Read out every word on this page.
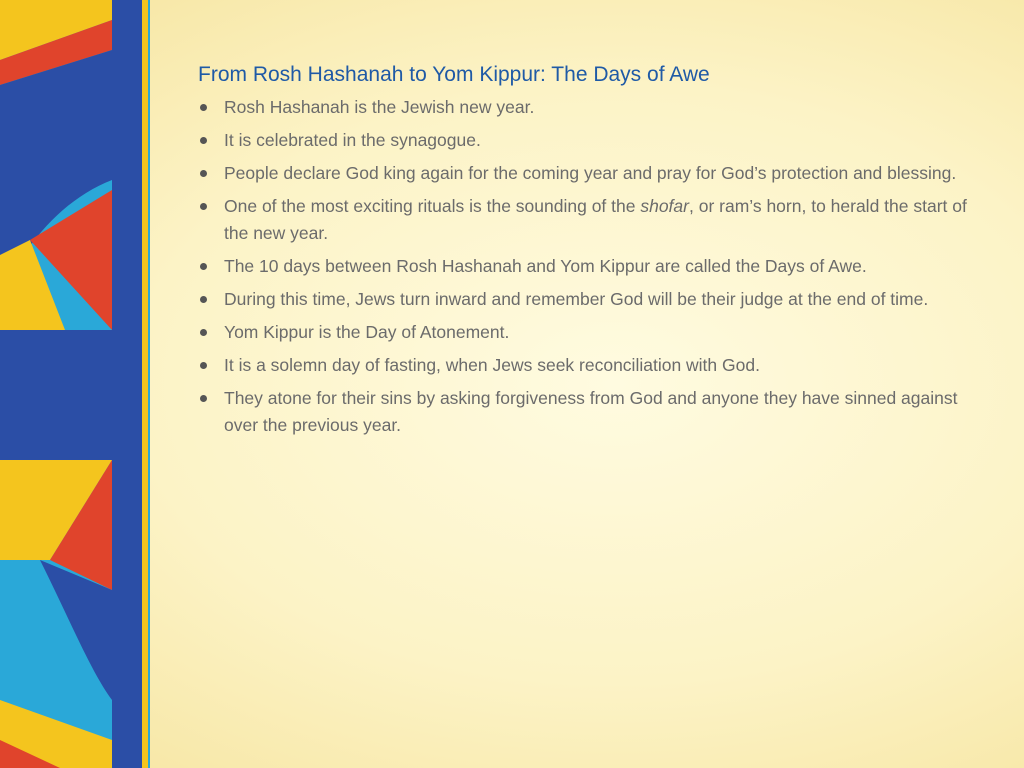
From Rosh Hashanah to Yom Kippur: The Days of Awe
Rosh Hashanah is the Jewish new year.
It is celebrated in the synagogue.
People declare God king again for the coming year and pray for God’s protection and blessing.
One of the most exciting rituals is the sounding of the shofar, or ram’s horn, to herald the start of the new year.
The 10 days between Rosh Hashanah and Yom Kippur are called the Days of Awe.
During this time, Jews turn inward and remember God will be their judge at the end of time.
Yom Kippur is the Day of Atonement.
It is a solemn day of fasting, when Jews seek reconciliation with God.
They atone for their sins by asking forgiveness from God and anyone they have sinned against over the previous year.
